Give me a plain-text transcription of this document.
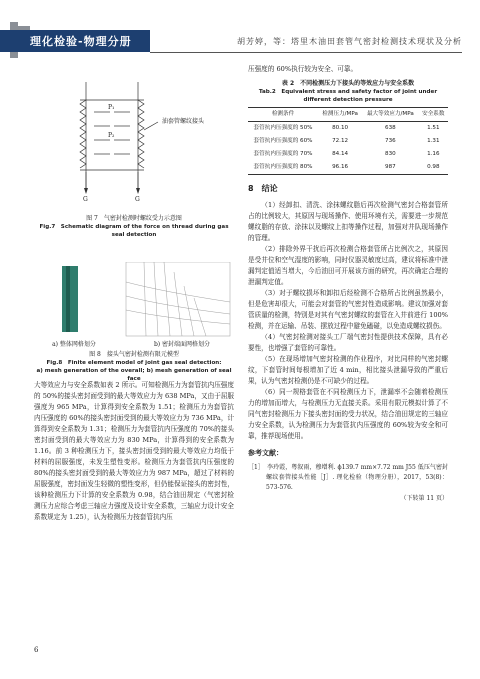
理化检验-物理分册	胡芳婷，等：塔里木油田套管气密封检测技术现状及分析
油套管螺纹接头
P₁
P₂
G	G
图 7　气密封检测时螺纹受力示意图
Fig.7　Schematic diagram of the force on thread during gas seal detection
a) 整体网格划分	b) 密封端面网格划分
图 8　接头气密封检测有限元模型
Fig.8　Finite element model of joint gas seal detection:
a) mesh generation of the overall; b) mesh generation of seal face

大等效应力与安全系数如表 2 所示。可知检测压力为套管抗内压强度的 50%的接头密封面受到的最大等效应力为 638 MPa，又由于屈服强度为 965 MPa，计算得到安全系数为 1.51；检测压力为套管抗内压强度的 60%的接头密封面受到的最大等效应力为 736 MPa，计算得到安全系数为 1.31；检测压力为套管抗内压强度的 70%的接头密封面受到的最大等效应力为 830 MPa，计算得到的安全系数为 1.16。前 3 种检测压力下，接头密封面受到的最大等效应力均低于材料的屈服强度，未发生塑性变形。检测压力为套管抗内压强度的 80%的接头密封面受到的最大等效应力为 987 MPa，超过了材料的屈服强度，密封面发生轻微的塑性变形，但仍能保证接头的密封性，该种检测压力下计算的安全系数为 0.98，结合油田规定（气密封检测压力应综合考虑三轴应力强度及设计安全系数，三轴应力设计安全系数规定为 1.25），认为检测压力按套管抗内压

压强度的 60%执行较为安全、可靠。

表 2　不同检测压力下接头的等效应力与安全系数
Tab.2　Equivalent stress and safety factor of joint under
different detection pressure
检测条件	检测压力/MPa	最大等效应力/MPa	安全系数
套管抗内压强度的 50%	80.10	638	1.51
套管抗内压强度的 60%	72.12	736	1.31
套管抗内压强度的 70%	84.14	830	1.16
套管抗内压强度的 80%	96.16	987	0.98
8　结论

（1）经卸扣、清洗、涂抹螺纹脂后再次检测气密封合格套管所占的比例较大，其原因与现场操作、使用环境有关，需要进一步规范螺纹脂的存放、涂抹以及螺纹上扣等操作过程，加强对井队现场操作的管理。

（2）排除外界干扰后再次检测合格套管所占比例次之，其原因是受井位和空气湿度的影响，同时仪器灵敏度过高，建议将标准中泄漏判定值适当增大，今后油田可开展该方面的研究，再次确定合理的泄漏判定值。

（3）对于螺纹损坏和卸扣后经检测不合格所占比例虽然最小，但是危害却很大，可能会对套管的气密封性造成影响。建议加强对套管质量的检测，特别是对其有气密封螺纹的套管在入井前进行 100%检测，并在运输、吊装、摆放过程中避免磕碰，以免造成螺纹损伤。

（4）气密封检测对接头工厂端气密封性提供技术保障，具有必要性，也增强了套管的可靠性。

（5）在现场增加气密封检测的作业程序，对比同样的气密封螺纹，下套管时间每根增加了近 4 min，相比接头泄漏导致的严重后果，认为气密封检测仍是不可缺少的过程。

（6）同一规格套管在不同检测压力下，泄漏率不会随着检测压力的增加而增大，与检测压力无直接关系。采用有限元模拟计算了不同气密封检测压力下接头密封面的受力状况，结合油田规定的三轴应力安全系数，认为检测压力为套管抗内压强度的 60%较为安全和可靠，推荐现场使用。

参考文献：
［1］　李玲霞，粤叙雨，穆增利. ϕ139.7 mm×7.72 mm J55 低压气密封螺纹套管接头性能［J］. 理化检验（物理分册），2017，53(8)：573-576.
（下转第 11 页）
6
